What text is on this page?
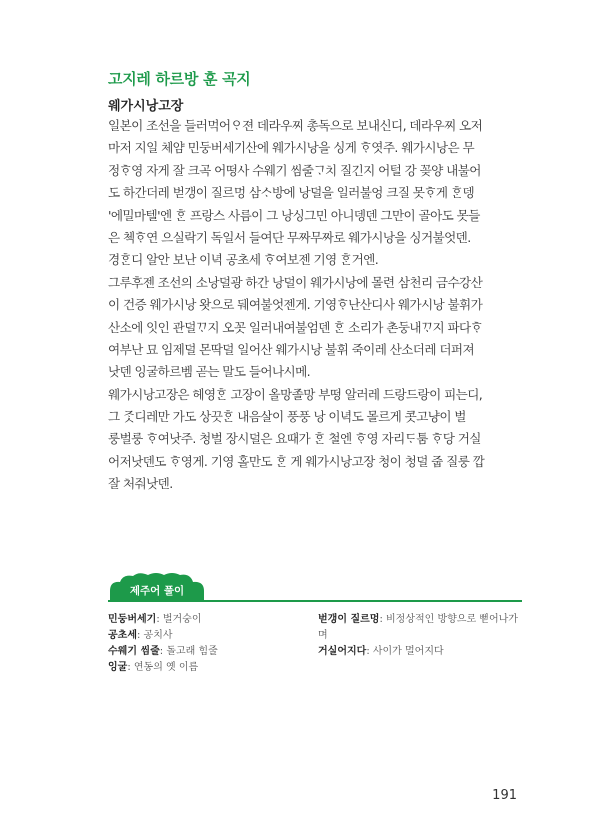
고지레 하르방 훈 곡지
웨가시낭고장
일본이 조선을 들러먹어ᄋᆞ젼 데라우찌 총독으로 보내신디, 데라우찌 오저
마저 지일 체얌 민둥버세기산에 웨가시낭을 싱게 ᄒᆞ엿주. 웨가시낭은 무
정ᄒᆞ영 자게 잘 크곡 어떵사 수웨기 씸줄ᄀᆞ치 질긴지 어털 강 꽂양 내불어
도 하간더레 벋갱이 질르멍 삼ᄉᆞ방에 낭덜을 일러불엉 크질 못ᄒᆞ게 ᄒᆞᆫ뎅
'에밀마텔'엔 ᄒᆞᆫ 프랑스 사름이 그 낭싱그민 아니뎅덴 그만이 골아도 못들
은 첵ᄒᆞ연 으실락기 독일서 들여단 무짜무짜로 웨가시낭을 싱거불엇덴.
경ᄒᆞᆫ디 알안 보난 이녁 공초세 ᄒᆞ여보젠 기영 ᄒᆞᆫ거엔.
그루후젠 조선의 소낭덜광 하간 낭덜이 웨가시낭에 몰련 삼천리 금수강산
이 건증 웨가시낭 왓으로 뒈여불엇젠게. 기영ᄒᆞ난산디사 웨가시낭 불휘가
산소에 잇인 관덜ᄁᆞ지 오꼿 일러내여불엄덴 ᄒᆞᆫ 소리가 촌둥내ᄁᆞ지 파다ᄒᆞ
여부난 묘 임제덜 몬딱덜 일어산 웨가시낭 불휘 죽이레 산소더레 더퍼져
낫덴 잉굴하르벰 곧는 말도 들어나시메.
웨가시낭고장은 헤영ᄒᆞᆫ 고장이 올망졸망 부떵 알러레 드랑드랑이 피는디,
그 ᄌᆞᆺ디레만 가도 상끗ᄒᆞᆫ 내음살이 풍풍 낭 이녁도 몰르게 콧고냥이 벌
룽벌룽 ᄒᆞ여낫주. 청벌 장시덜은 요때가 ᄒᆞᆫ 철엔 ᄒᆞ영 자리ᄃᆞ툼 ᄒᆞ당 거실
어저낫덴도 ᄒᆞ영게. 기영 홀만도 ᄒᆞᆫ 게 웨가시낭고장 청이 청덜 줍 질룽 깝
잘 처줘낫덴.
제주어 풀이

민둥버세기: 벌거숭이

공초세: 공치사

수웨기 씸줄: 돌고래 힘줄

잉굴: 연동의 옛 이름

벋갱이 질르멍: 비정상적인 방향으로 뻗어나가며

거실어지다: 사이가 멀어지다

191
